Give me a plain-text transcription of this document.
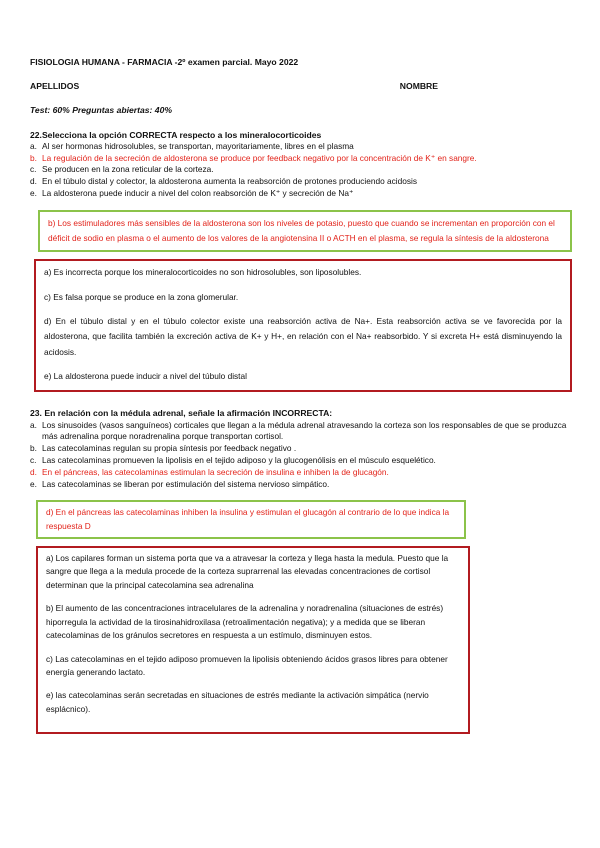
FISIOLOGIA HUMANA - FARMACIA -2º examen parcial. Mayo 2022

APELLIDOS	NOMBRE
Test: 60% Preguntas abiertas: 40%
22.Selecciona la opción CORRECTA respecto a los mineralocorticoides
a. Al ser hormonas hidrosolubles, se transportan, mayoritariamente, libres en el plasma
b. La regulación de la secreción de aldosterona se produce por feedback negativo por la concentración de K⁺ en sangre.
c. Se producen en la zona reticular de la corteza.
d. En el túbulo distal y colector, la aldosterona aumenta la reabsorción de protones produciendo acidosis
e. La aldosterona puede inducir a nivel del colon reabsorción de K⁺ y secreción de Na⁺
b) Los estimuladores más sensibles de la aldosterona son los niveles de potasio, puesto que cuando se incrementan en proporción con el déficit de sodio en plasma o el aumento de los valores de la angiotensina II o ACTH en el plasma, se regula la síntesis de la aldosterona

a) Es incorrecta porque los mineralocorticoides no son hidrosolubles, son liposolubles.

c) Es falsa porque se produce en la zona glomerular.

d) En el túbulo distal y en el túbulo colector existe una reabsorción activa de Na+. Esta reabsorción activa se ve favorecida por la aldosterona, que facilita también la excreción activa de K+ y H+, en relación con el Na+ reabsorbido. Y si excreta H+ está disminuyendo la acidosis.

e) La aldosterona puede inducir a nivel del túbulo distal

23. En relación con la médula adrenal, señale la afirmación INCORRECTA:
a. Los sinusoides (vasos sanguíneos) corticales que llegan a la médula adrenal atravesando la corteza son los responsables de que se produzca más adrenalina porque noradrenalina porque transportan cortisol.
b. Las catecolaminas regulan su propia síntesis por feedback negativo .
c. Las catecolaminas promueven la lipolisis en el tejido adiposo y la glucogenólisis en el músculo esquelético.
d. En el páncreas, las catecolaminas estimulan la secreción de insulina e inhiben la de glucagón.
e. Las catecolaminas se liberan por estimulación del sistema nervioso simpático.
d) En el páncreas las catecolaminas inhiben la insulina y estimulan el glucagón al contrario de lo que indica la respuesta D

a) Los capilares forman un sistema porta que va a atravesar la corteza y llega hasta la medula. Puesto que la sangre que llega a la medula procede de la corteza suprarrenal las elevadas concentraciones de cortisol determinan que la principal catecolamina sea adrenalina

b) El aumento de las concentraciones intracelulares de la adrenalina y noradrenalina (situaciones de estrés) hiporregula la actividad de la tirosinahidroxilasa (retroalimentación negativa); y a medida que se liberan catecolaminas de los gránulos secretores en respuesta a un estímulo, disminuyen estos.

c) Las catecolaminas en el tejido adiposo promueven la lipolisis obteniendo ácidos grasos libres para obtener energía generando lactato.

e) las catecolaminas serán secretadas en situaciones de estrés mediante la activación simpática (nervio esplácnico).
